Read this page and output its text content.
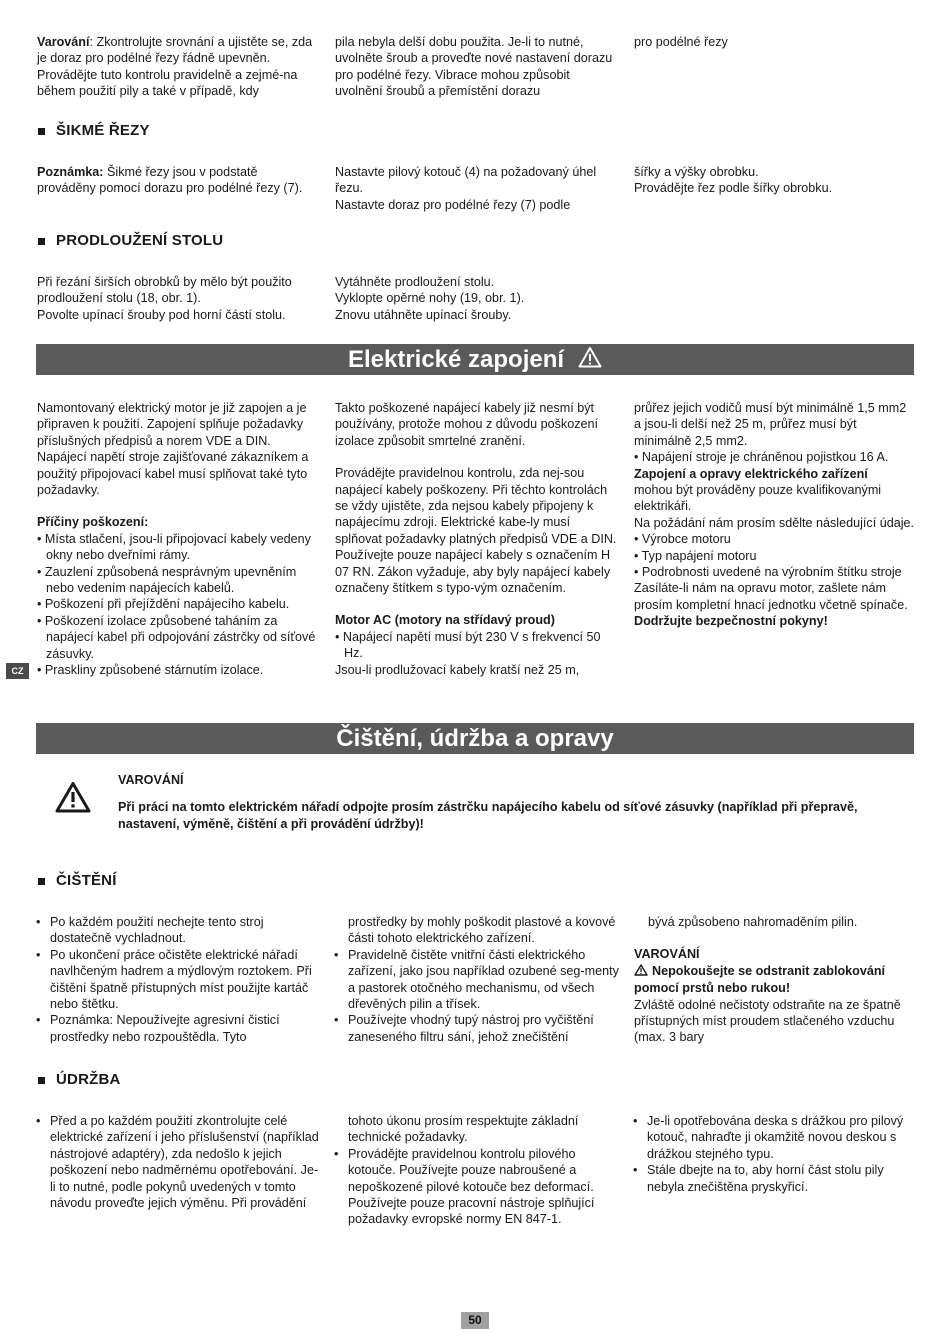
Varování: Zkontrolujte srovnání a ujistěte se, zda je doraz pro podélné řezy řádně upevněn. Provádějte tuto kontrolu pravidelně a zejmé-na během použití pily a také v případě, kdy

pila nebyla delší dobu použita. Je-li to nutné, uvolněte šroub a proveďte nové nastavení dorazu pro podélné řezy. Vibrace mohou způsobit uvolnění šroubů a přemístění dorazu

pro podélné řezy

ŠIKMÉ ŘEZY

Poznámka: Šikmé řezy jsou v podstatě prováděny pomocí dorazu pro podélné řezy (7).

Nastavte pilový kotouč (4) na požadovaný úhel řezu.

Nastavte doraz pro podélné řezy (7) podle

šířky a výšky obrobku.

Provádějte řez podle šířky obrobku.

PRODLOUŽENÍ STOLU

Při řezání širších obrobků by mělo být použito prodloužení stolu (18, obr. 1).

Povolte upínací šrouby pod horní částí stolu.

Vytáhněte prodloužení stolu.

Vyklopte opěrné nohy (19, obr. 1).

Znovu utáhněte upínací šrouby.

Elektrické zapojení

Namontovaný elektrický motor je již zapojen a je připraven k použití. Zapojení splňuje požadavky příslušných předpisů a norem VDE a DIN.

Napájecí napětí stroje zajišťované zákazníkem a použitý připojovací kabel musí splňovat také tyto požadavky.

Příčiny poškození:

• Místa stlačení, jsou-li připojovací kabely vedeny okny nebo dveřními rámy.
• Zauzlení způsobená nesprávným upevněním nebo vedením napájecích kabelů.
• Poškození při přejíždění napájecího kabelu.
• Poškození izolace způsobené taháním za napájecí kabel při odpojování zástrčky od síťové zásuvky.
• Praskliny způsobené stárnutím izolace.

Takto poškozené napájecí kabely již nesmí být používány, protože mohou z důvodu poškození izolace způsobit smrtelné zranění.

Provádějte pravidelnou kontrolu, zda nej-sou napájecí kabely poškozeny. Při těchto kontrolách se vždy ujistěte, zda nejsou kabely připojeny k napájecímu zdroji. Elektrické kabe-ly musí splňovat požadavky platných předpisů VDE a DIN. Používejte pouze napájecí kabely s označením H 07 RN. Zákon vyžaduje, aby byly napájecí kabely označeny štítkem s typo-vým označením.

Motor AC (motory na střídavý proud)

• Napájecí napětí musí být 230 V s frekvencí 50 Hz.

Jsou-li prodlužovací kabely kratší než 25 m,

průřez jejich vodičů musí být minimálně 1,5 mm2 a jsou-li delší než 25 m, průřez musí být minimálně 2,5 mm2.

• Napájení stroje je chráněnou pojistkou 16 A.

Zapojení a opravy elektrického zařízení

mohou být prováděny pouze kvalifikovanými elektrikáři.

Na požádání nám prosím sdělte následující údaje.

• Výrobce motoru
• Typ napájení motoru
• Podrobnosti uvedené na výrobním štítku stroje

Zasíláte-li nám na opravu motor, zašlete nám prosím kompletní hnací jednotku včetně spínače.

Dodržujte bezpečnostní pokyny!

CZ
Čištění, údržba a opravy

VAROVÁNÍ

Při práci na tomto elektrickém nářadí odpojte prosím zástrčku napájecího kabelu od síťové zásuvky (například při přepravě, nastavení, výměně, čištění a při provádění údržby)!

ČIŠTĚNÍ
• Po každém použití nechejte tento stroj dostatečně vychladnout.
• Po ukončení práce očistěte elektrické nářadí navlhčeným hadrem a mýdlovým roztokem. Při čištění špatně přístupných míst použijte kartáč nebo štětku.
• Poznámka: Nepoužívejte agresivní čisticí prostředky nebo rozpouštědla. Tyto

prostředky by mohly poškodit plastové a kovové části tohoto elektrického zařízení.

• Pravidelně čistěte vnitřní části elektrického zařízení, jako jsou například ozubené seg-menty a pastorek otočného mechanismu, od všech dřevěných pilin a třísek.
• Používejte vhodný tupý nástroj pro vyčištění zaneseného filtru sání, jehož znečištění

bývá způsobeno nahromaděním pilin.

VAROVÁNÍ

Nepokoušejte se odstranit zablokování pomocí prstů nebo rukou!

Zvláště odolné nečistoty odstraňte na ze špatně přístupných míst proudem stlačeného vzduchu (max. 3 bary

ÚDRŽBA
• Před a po každém použití zkontrolujte celé elektrické zařízení i jeho příslušenství (například nástrojové adaptéry), zda nedošlo k jejich poškození nebo nadměrnému opotřebování. Je-li to nutné, podle pokynů uvedených v tomto návodu proveďte jejich výměnu. Při provádění

tohoto úkonu prosím respektujte základní technické požadavky.

• Provádějte pravidelnou kontrolu pilového kotouče. Používejte pouze nabroušené a nepoškozené pilové kotouče bez deformací. Používejte pouze pracovní nástroje splňující požadavky evropské normy EN 847-1.
• Je-li opotřebována deska s drážkou pro pilový kotouč, nahraďte ji okamžitě novou deskou s drážkou stejného typu.
• Stále dbejte na to, aby horní část stolu pily nebyla znečištěna pryskyřicí.
50
